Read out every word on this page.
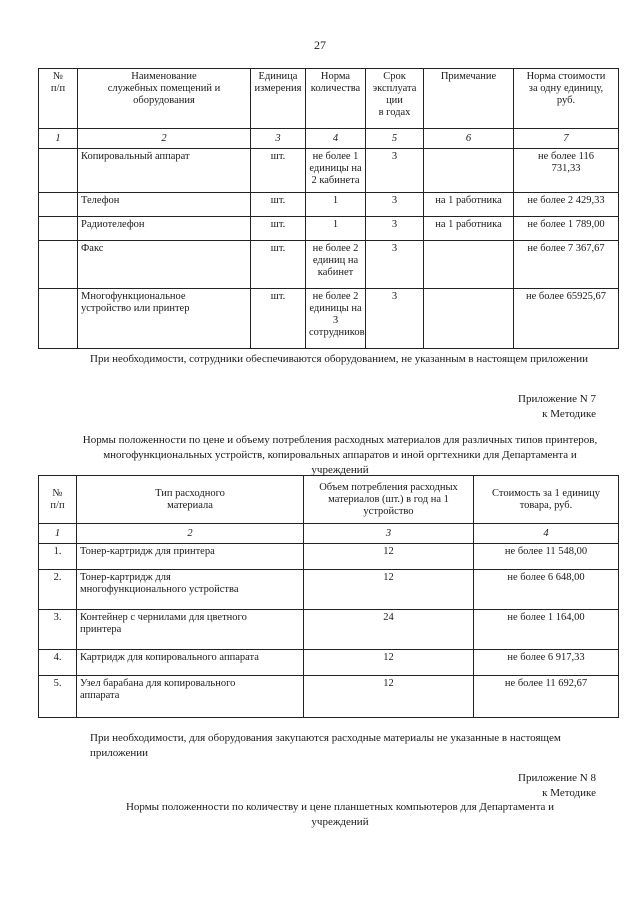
27
№
п/п	Наименование
служебных помещений и
оборудования	Единица
измерения	Норма
количества	Срок
эксплуата
ции
в годах	Примечание	Норма стоимости
за одну единицу,
руб.
1	2	3	4	5	6	7
	Копировальный аппарат	шт.	не более 1
единицы на
2 кабинета	3		не более 116
731,33
	Телефон	шт.	1	3	на 1 работника	не более 2 429,33
	Радиотелефон	шт.	1	3	на 1 работника	не более 1 789,00
	Факс	шт.	не более 2
единиц на
кабинет	3		не более 7 367,67
	Многофункциональное
устройство или принтер	шт.	не более 2
единицы на
3
сотрудников	3		не более 65925,67
При необходимости, сотрудники обеспечиваются оборудованием, не указанным в настоящем приложении
Приложение N 7
к Методике
Нормы положенности по цене и объему потребления расходных материалов для различных типов принтеров, многофункциональных устройств, копировальных аппаратов и иной оргтехники для Департамента и учреждений
№
п/п	Тип расходного
материала	Объем потребления расходных
материалов (шт.) в год на 1
устройство	Стоимость за 1 единицу
товара, руб.
1	2	3	4
1.	Тонер-картридж для принтера	12	не более 11 548,00
2.	Тонер-картридж для
многофункционального устройства	12	не более 6 648,00
3.	Контейнер с чернилами для цветного
принтера	24	не более 1 164,00
4.	Картридж для копировального аппарата	12	не более 6 917,33
5.	Узел барабана для копировального
аппарата	12	не более 11 692,67
При необходимости, для оборудования закупаются расходные материалы не указанные в настоящем приложении
Приложение N 8
к Методике
Нормы положенности по количеству и цене планшетных компьютеров для Департамента и учреждений
